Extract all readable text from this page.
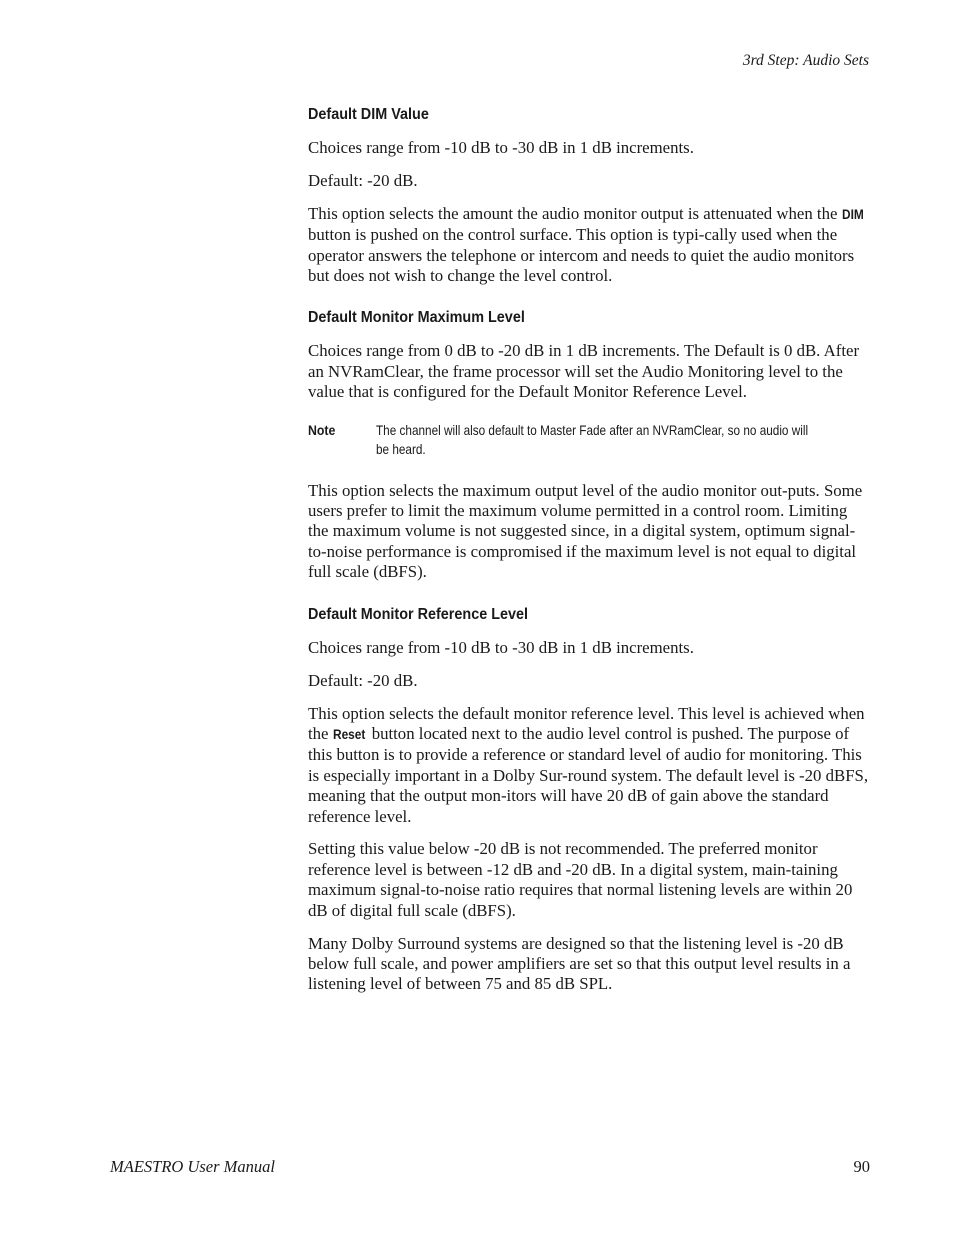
3rd Step: Audio Sets
Default DIM Value

Choices range from -10 dB to -30 dB in 1 dB increments.

Default: -20 dB.

This option selects the amount the audio monitor output is attenuated when the DIM button is pushed on the control surface. This option is typi-cally used when the operator answers the telephone or intercom and needs to quiet the audio monitors but does not wish to change the level control.

Default Monitor Maximum Level

Choices range from 0 dB to -20 dB in 1 dB increments. The Default is 0 dB. After an NVRamClear, the frame processor will set the Audio Monitoring level to the value that is configured for the Default Monitor Reference Level.

Note	The channel will also default to Master Fade after an NVRamClear, so no audio will be heard.

This option selects the maximum output level of the audio monitor out-puts. Some users prefer to limit the maximum volume permitted in a control room. Limiting the maximum volume is not suggested since, in a digital system, optimum signal-to-noise performance is compromised if the maximum level is not equal to digital full scale (dBFS).

Default Monitor Reference Level

Choices range from -10 dB to -30 dB in 1 dB increments.

Default: -20 dB.

This option selects the default monitor reference level. This level is achieved when the Reset button located next to the audio level control is pushed. The purpose of this button is to provide a reference or standard level of audio for monitoring. This is especially important in a Dolby Sur-round system. The default level is -20 dBFS, meaning that the output mon-itors will have 20 dB of gain above the standard reference level.

Setting this value below -20 dB is not recommended. The preferred monitor reference level is between -12 dB and -20 dB. In a digital system, main-taining maximum signal-to-noise ratio requires that normal listening levels are within 20 dB of digital full scale (dBFS).

Many Dolby Surround systems are designed so that the listening level is -20 dB below full scale, and power amplifiers are set so that this output level results in a listening level of between 75 and 85 dB SPL.

MAESTRO User Manual	90
